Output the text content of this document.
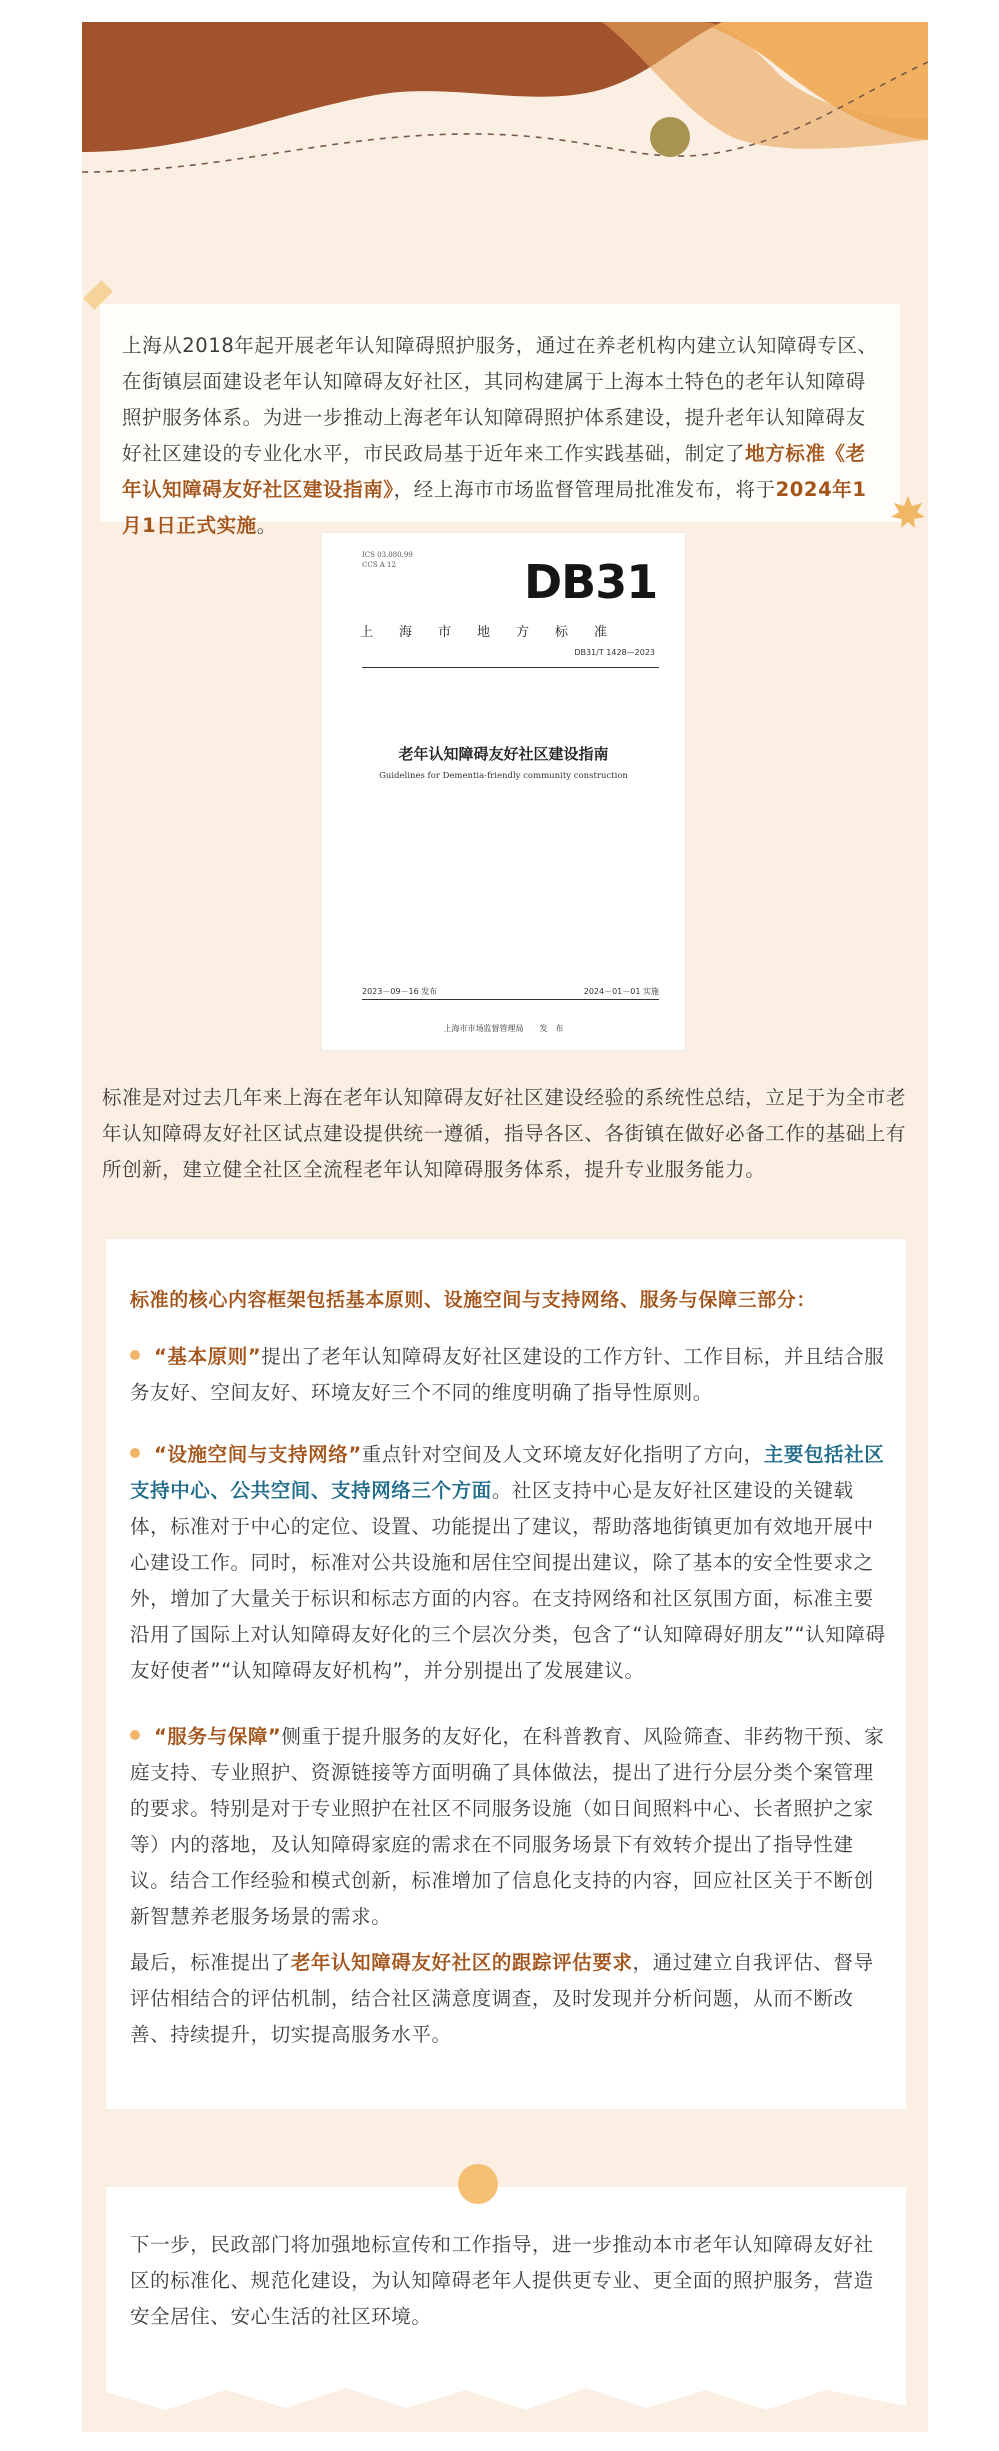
上海从2018年起开展老年认知障碍照护服务，通过在养老机构内建立认知障碍专区、在街镇层面建设老年认知障碍友好社区，其同构建属于上海本土特色的老年认知障碍照护服务体系。为进一步推动上海老年认知障碍照护体系建设，提升老年认知障碍友好社区建设的专业化水平，市民政局基于近年来工作实践基础，制定了地方标准《老年认知障碍友好社区建设指南》，经上海市市场监督管理局批准发布，将于2024年1月1日正式实施。
ICS 03.080.99
CCS A 12	DB31
上海市地方标准
DB31/T 1428—2023
老年认知障碍友好社区建设指南
Guidelines for Dementia-friendly community construction
2023－09－16 发布	2024－01－01 实施
上海市市场监督管理局　　发　布
标准是对过去几年来上海在老年认知障碍友好社区建设经验的系统性总结，立足于为全市老年认知障碍友好社区试点建设提供统一遵循，指导各区、各街镇在做好必备工作的基础上有所创新，建立健全社区全流程老年认知障碍服务体系，提升专业服务能力。
标准的核心内容框架包括基本原则、设施空间与支持网络、服务与保障三部分：
“基本原则”提出了老年认知障碍友好社区建设的工作方针、工作目标，并且结合服务友好、空间友好、环境友好三个不同的维度明确了指导性原则。
“设施空间与支持网络”重点针对空间及人文环境友好化指明了方向，主要包括社区支持中心、公共空间、支持网络三个方面。社区支持中心是友好社区建设的关键载体，标准对于中心的定位、设置、功能提出了建议，帮助落地街镇更加有效地开展中心建设工作。同时，标准对公共设施和居住空间提出建议，除了基本的安全性要求之外，增加了大量关于标识和标志方面的内容。在支持网络和社区氛围方面，标准主要沿用了国际上对认知障碍友好化的三个层次分类，包含了“认知障碍好朋友”“认知障碍友好使者”“认知障碍友好机构”，并分别提出了发展建议。
“服务与保障”侧重于提升服务的友好化，在科普教育、风险筛查、非药物干预、家庭支持、专业照护、资源链接等方面明确了具体做法，提出了进行分层分类个案管理的要求。特别是对于专业照护在社区不同服务设施（如日间照料中心、长者照护之家等）内的落地，及认知障碍家庭的需求在不同服务场景下有效转介提出了指导性建议。结合工作经验和模式创新，标准增加了信息化支持的内容，回应社区关于不断创新智慧养老服务场景的需求。
最后，标准提出了老年认知障碍友好社区的跟踪评估要求，通过建立自我评估、督导评估相结合的评估机制，结合社区满意度调查，及时发现并分析问题，从而不断改善、持续提升，切实提高服务水平。
下一步，民政部门将加强地标宣传和工作指导，进一步推动本市老年认知障碍友好社区的标准化、规范化建设，为认知障碍老年人提供更专业、更全面的照护服务，营造安全居住、安心生活的社区环境。
